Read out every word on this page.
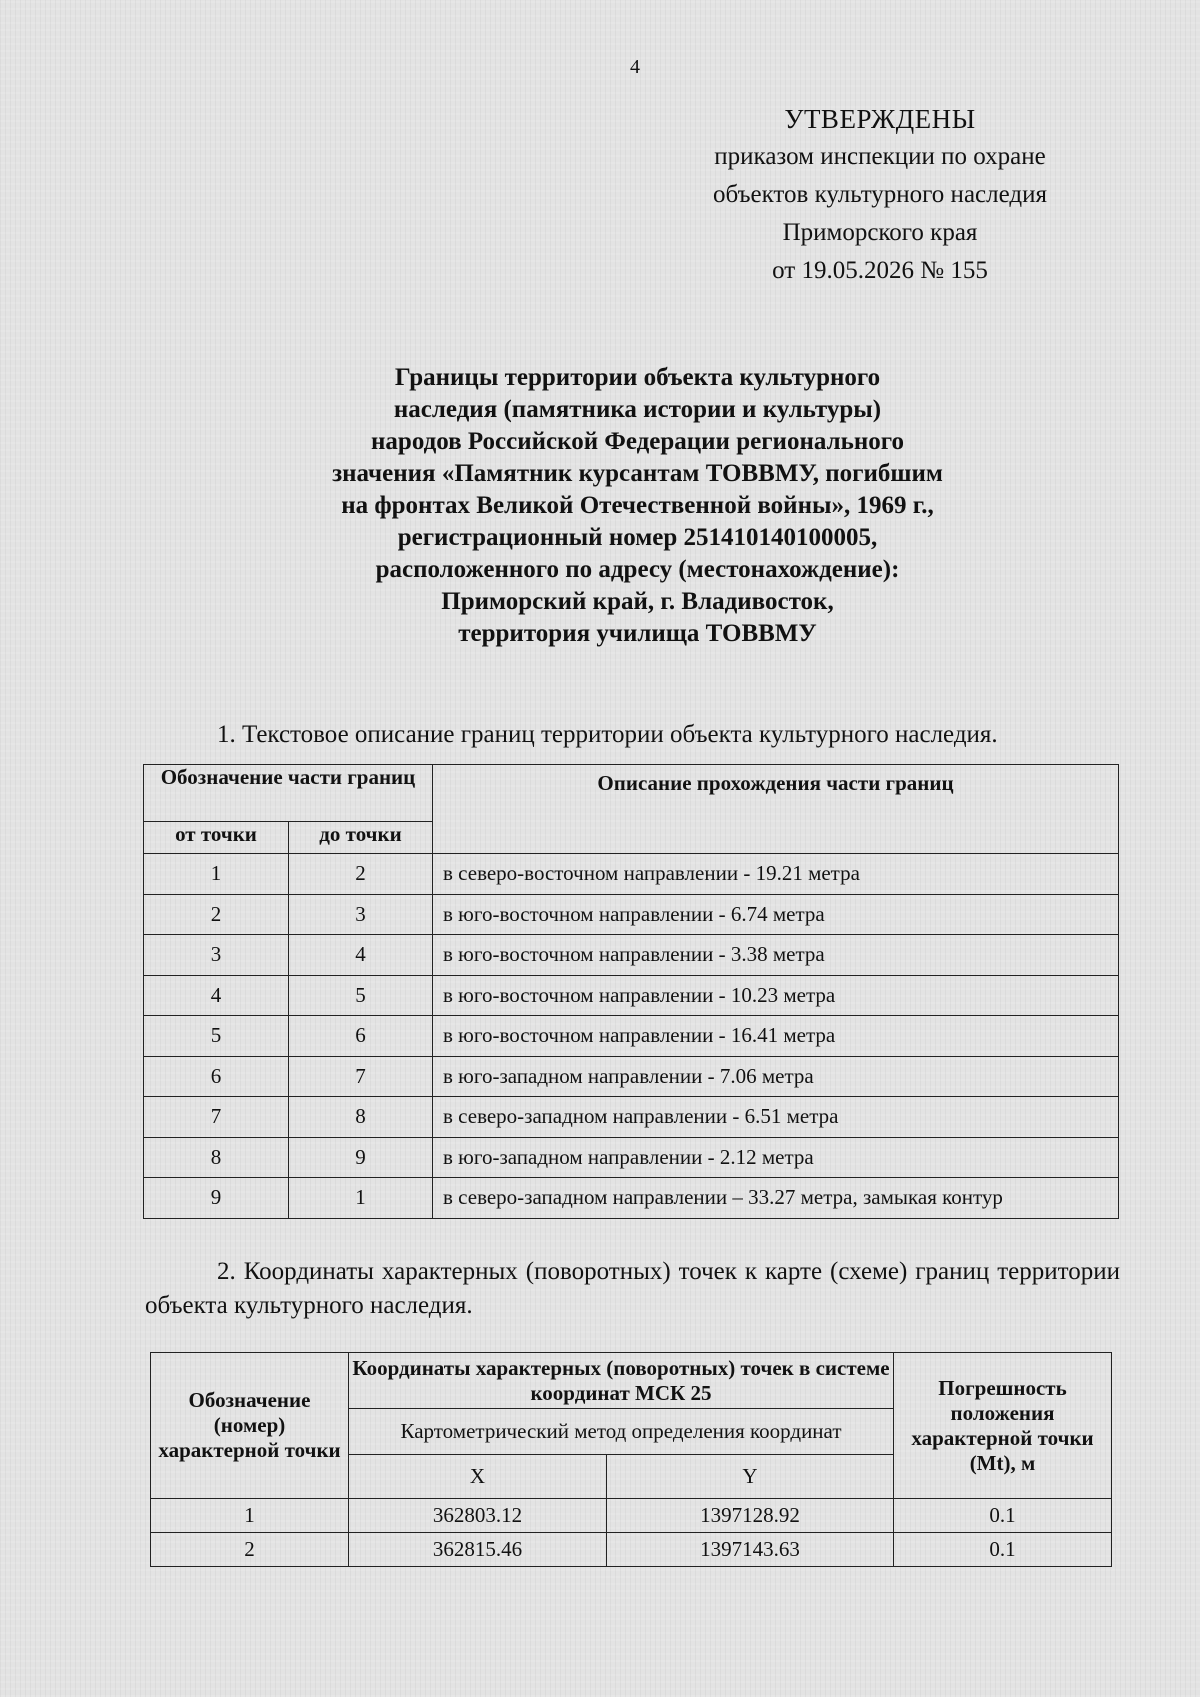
4
УТВЕРЖДЕНЫ
приказом инспекции по охране
объектов культурного наследия
Приморского края
от 19.05.2026 № 155
Границы территории объекта культурного
наследия (памятника истории и культуры)
народов Российской Федерации регионального
значения «Памятник курсантам ТОВВМУ, погибшим
на фронтах Великой Отечественной войны», 1969 г.,
регистрационный номер 251410140100005,
расположенного по адресу (местонахождение):
Приморский край, г. Владивосток,
территория училища ТОВВМУ
1. Текстовое описание границ территории объекта культурного наследия.
Обозначение части границ		Описание прохождения части границ
от точки	до точки	
1	2	в северо-восточном направлении - 19.21 метра
2	3	в юго-восточном направлении - 6.74 метра
3	4	в юго-восточном направлении - 3.38 метра
4	5	в юго-восточном направлении - 10.23 метра
5	6	в юго-восточном направлении - 16.41 метра
6	7	в юго-западном направлении - 7.06 метра
7	8	в северо-западном направлении - 6.51 метра
8	9	в юго-западном направлении - 2.12 метра
9	1	в северо-западном направлении – 33.27 метра, замыкая контур
2. Координаты характерных (поворотных) точек к карте (схеме) границ территории объекта культурного наследия.
Обозначение (номер) характерной точки	Координаты характерных (поворотных) точек в системе координат МСК 25		Погрешность положения характерной точки (Mt), м
	Картометрический метод определения координат		
	X	Y	
1	362803.12	1397128.92	0.1
2	362815.46	1397143.63	0.1
